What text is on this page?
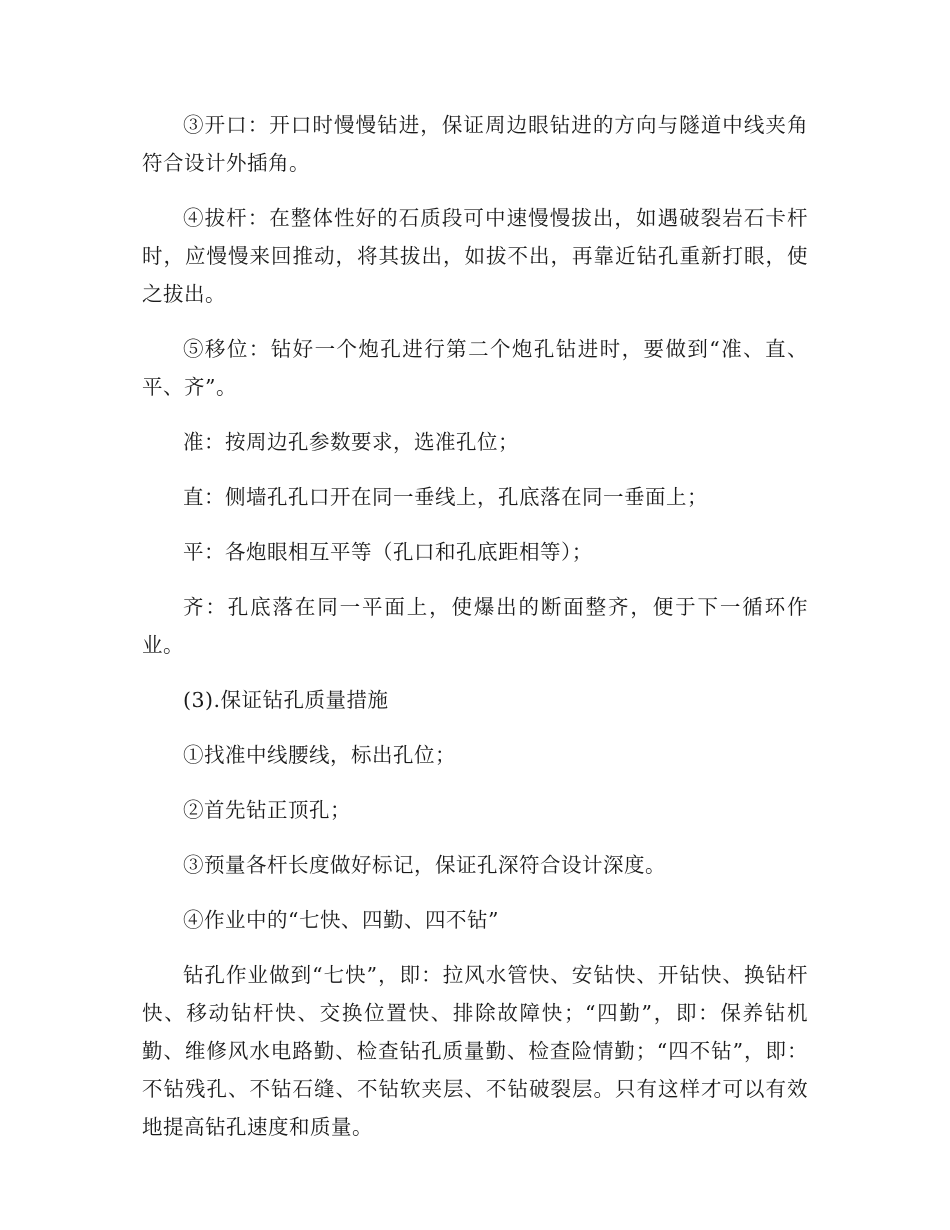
③开口：开口时慢慢钻进，保证周边眼钻进的方向与隧道中线夹角符合设计外插角。

④拔杆：在整体性好的石质段可中速慢慢拔出，如遇破裂岩石卡杆时，应慢慢来回推动，将其拔出，如拔不出，再靠近钻孔重新打眼，使之拔出。

⑤移位：钻好一个炮孔进行第二个炮孔钻进时，要做到“准、直、平、齐”。

准：按周边孔参数要求，选准孔位；

直：侧墙孔孔口开在同一垂线上，孔底落在同一垂面上；

平：各炮眼相互平等（孔口和孔底距相等）；

齐：孔底落在同一平面上，使爆出的断面整齐，便于下一循环作业。

(3).保证钻孔质量措施

①找准中线腰线，标出孔位；

②首先钻正顶孔；

③预量各杆长度做好标记，保证孔深符合设计深度。

④作业中的“七快、四勤、四不钻”

钻孔作业做到“七快”，即：拉风水管快、安钻快、开钻快、换钻杆快、移动钻杆快、交换位置快、排除故障快；“四勤”，即：保养钻机勤、维修风水电路勤、检查钻孔质量勤、检查险情勤；“四不钻”，即：不钻残孔、不钻石缝、不钻软夹层、不钻破裂层。只有这样才可以有效地提高钻孔速度和质量。
